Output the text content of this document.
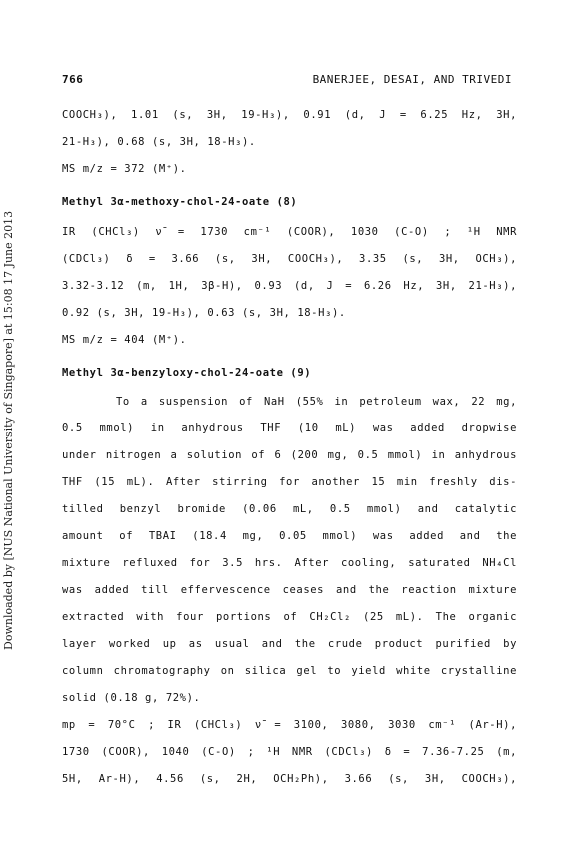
Downloaded by [NUS National University of Singapore] at 15:08 17 June 2013
766	BANERJEE, DESAI, AND TRIVEDI
COOCH₃), 1.01 (s, 3H, 19-H₃), 0.91 (d, J = 6.25 Hz, 3H,
21-H₃), 0.68 (s, 3H, 18-H₃).
MS m/z = 372 (M⁺).
Methyl 3α-methoxy-chol-24-oate (8)
IR (CHCl₃) ν̄ = 1730 cm⁻¹ (COOR), 1030 (C-O) ; ¹H NMR
(CDCl₃) δ = 3.66 (s, 3H, COOCH₃), 3.35 (s, 3H, OCH₃),
3.32-3.12 (m, 1H, 3β-H), 0.93 (d, J = 6.26 Hz, 3H, 21-H₃),
0.92 (s, 3H, 19-H₃), 0.63 (s, 3H, 18-H₃).
MS m/z = 404 (M⁺).
Methyl 3α-benzyloxy-chol-24-oate (9)
To a suspension of NaH (55% in petroleum wax, 22 mg,
0.5 mmol) in anhydrous THF (10 mL) was added dropwise
under nitrogen a solution of 6 (200 mg, 0.5 mmol) in anhydrous
THF (15 mL). After stirring for another 15 min freshly dis-
tilled benzyl bromide (0.06 mL, 0.5 mmol) and catalytic
amount of TBAI (18.4 mg, 0.05 mmol) was added and the
mixture refluxed for 3.5 hrs. After cooling, saturated NH₄Cl
was added till effervescence ceases and the reaction mixture
extracted with four portions of CH₂Cl₂ (25 mL). The organic
layer worked up as usual and the crude product purified by
column chromatography on silica gel to yield white crystalline
solid (0.18 g, 72%).
mp = 70°C ; IR (CHCl₃) ν̄ = 3100, 3080, 3030 cm⁻¹ (Ar-H),
1730 (COOR), 1040 (C-O) ; ¹H NMR (CDCl₃) δ = 7.36-7.25 (m,
5H, Ar-H), 4.56 (s, 2H, OCH₂Ph), 3.66 (s, 3H, COOCH₃),
